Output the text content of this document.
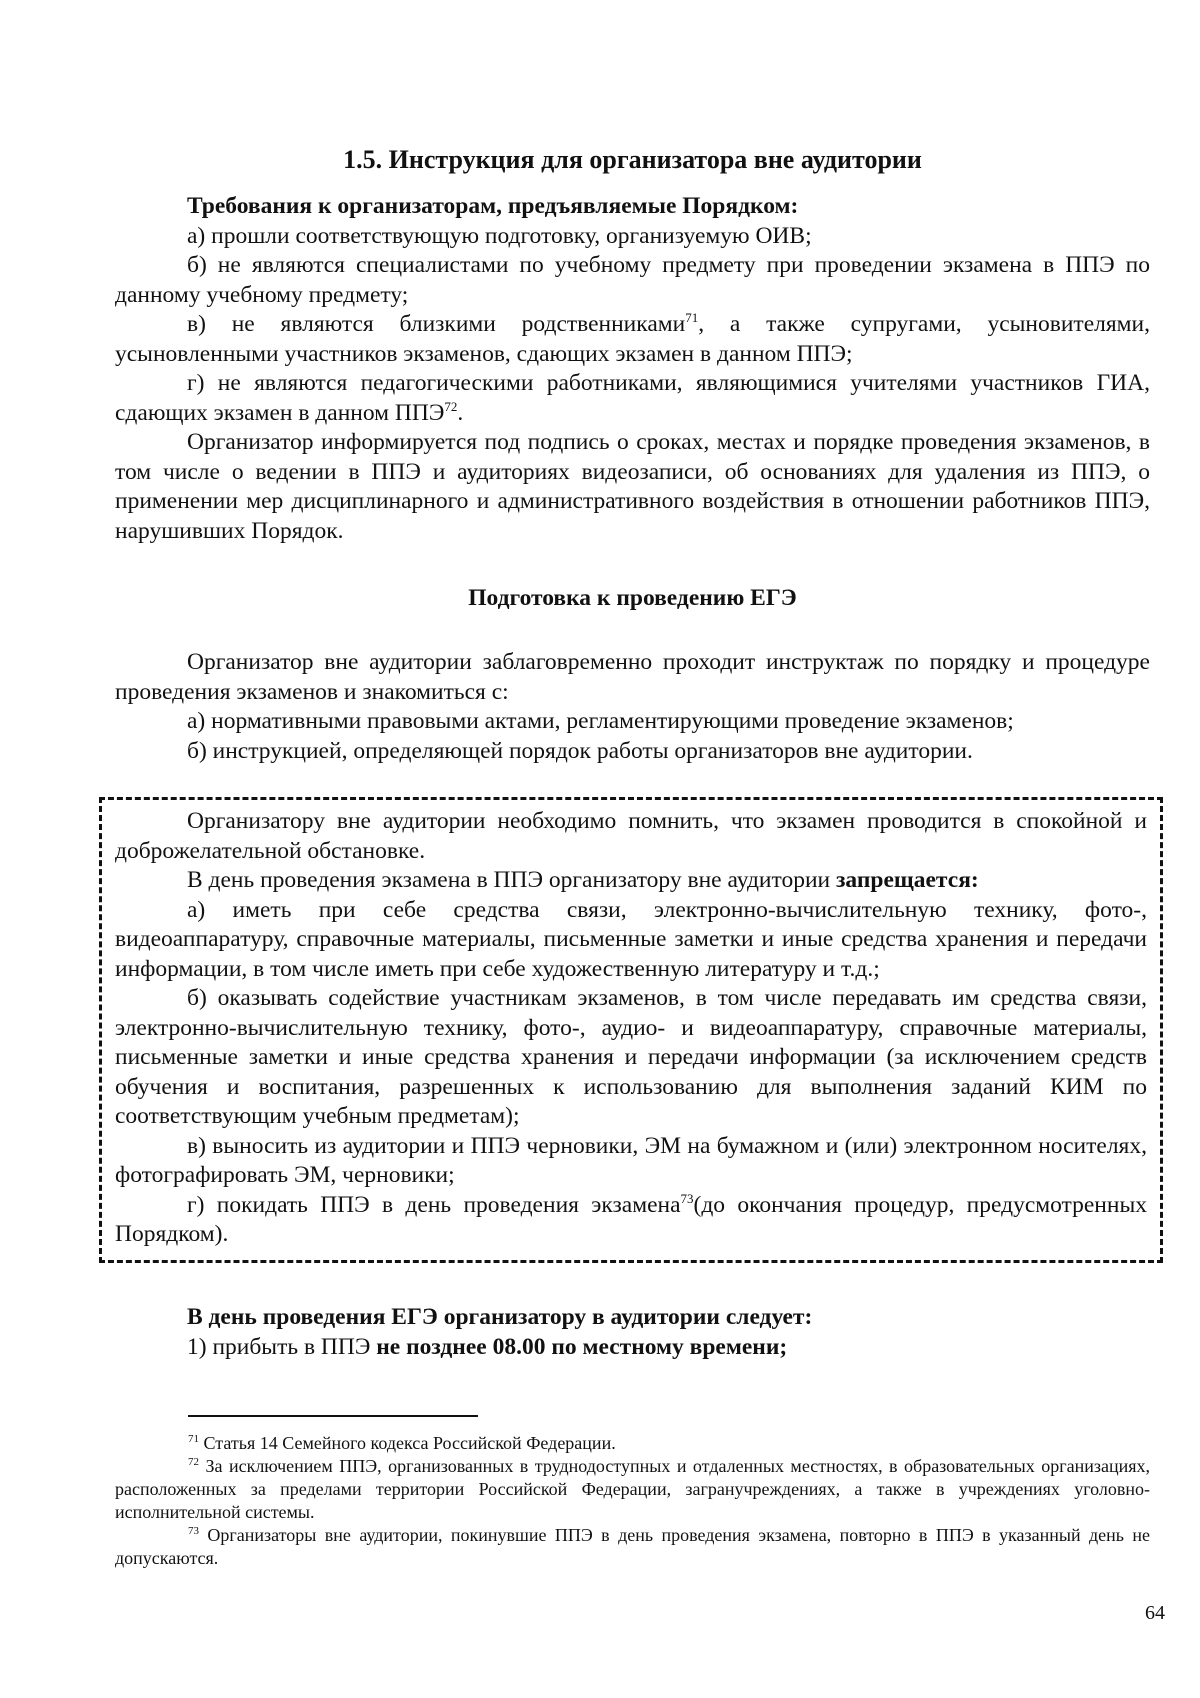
1.5. Инструкция для организатора вне аудитории

Требования к организаторам, предъявляемые Порядком:

а) прошли соответствующую подготовку, организуемую ОИВ;

б) не являются специалистами по учебному предмету при проведении экзамена в ППЭ по данному учебному предмету;

в) не являются близкими родственниками$^{71}$, а также супругами, усыновителями, усыновленными участников экзаменов, сдающих экзамен в данном ППЭ;

г) не являются педагогическими работниками, являющимися учителями участников ГИА, сдающих экзамен в данном ППЭ$^{72}$.

Организатор информируется под подпись о сроках, местах и порядке проведения экзаменов, в том числе о ведении в ППЭ и аудиториях видеозаписи, об основаниях для удаления из ППЭ, о применении мер дисциплинарного и административного воздействия в отношении работников ППЭ, нарушивших Порядок.

Подготовка к проведению ЕГЭ

Организатор вне аудитории заблаговременно проходит инструктаж по порядку и процедуре проведения экзаменов и знакомиться с:

а) нормативными правовыми актами, регламентирующими проведение экзаменов;

б) инструкцией, определяющей порядок работы организаторов вне аудитории.

Организатору вне аудитории необходимо помнить, что экзамен проводится в спокойной и доброжелательной обстановке.

В день проведения экзамена в ППЭ организатору вне аудитории запрещается:

а) иметь при себе средства связи, электронно-вычислительную технику, фото-, видеоаппаратуру, справочные материалы, письменные заметки и иные средства хранения и передачи информации, в том числе иметь при себе художественную литературу и т.д.;

б) оказывать содействие участникам экзаменов, в том числе передавать им средства связи, электронно-вычислительную технику, фото-, аудио- и видеоаппаратуру, справочные материалы, письменные заметки и иные средства хранения и передачи информации (за исключением средств обучения и воспитания, разрешенных к использованию для выполнения заданий КИМ по соответствующим учебным предметам);

в) выносить из аудитории и ППЭ черновики, ЭМ на бумажном и (или) электронном носителях, фотографировать ЭМ, черновики;

г) покидать ППЭ в день проведения экзамена$^{73}$(до окончания процедур, предусмотренных Порядком).

В день проведения ЕГЭ организатору в аудитории следует:

1) прибыть в ППЭ не позднее 08.00 по местному времени;

$^{71}$ Статья 14 Семейного кодекса Российской Федерации.

$^{72}$ За исключением ППЭ, организованных в труднодоступных и отдаленных местностях, в образовательных организациях, расположенных за пределами территории Российской Федерации, загранучреждениях, а также в учреждениях уголовно-исполнительной системы.

$^{73}$ Организаторы вне аудитории, покинувшие ППЭ в день проведения экзамена, повторно в ППЭ в указанный день не допускаются.

64
